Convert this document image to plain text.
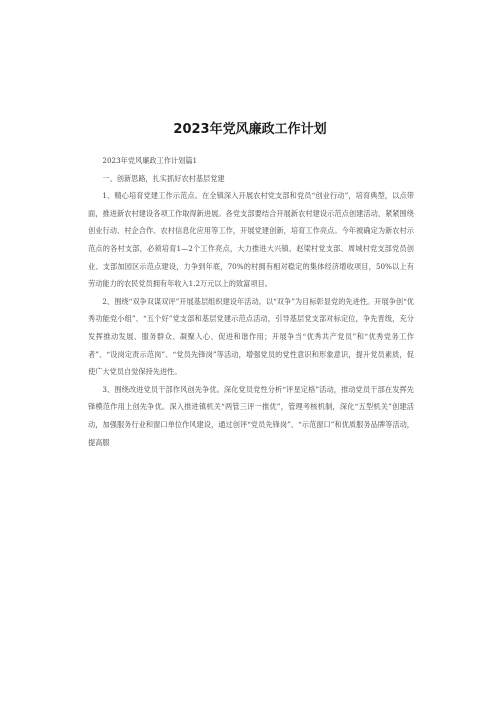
2023年党风廉政工作计划

2023年党风廉政工作计划篇1

一、创新思路，扎实抓好农村基层党建

1、精心培育党建工作示范点。在全镇深入开展农村党支部和党员“创业行动”，培育典型，以点带面，推进新农村建设各项工作取得新进展。各党支部要结合开展新农村建设示范点创建活动，紧紧围绕创业行动、村企合作、农村信息化应用等工作，开展党建创新，培育工作亮点。今年被确定为新农村示范点的各村支部，必须培育1—2个工作亮点，大力推进大兴镇、赵梁村党支部、周城村党支部党员创业、支部加园区示范点建设，力争到年底，70%的村拥有相对稳定的集体经济增收项目，50%以上有劳动能力的农民党员拥有年收入1.2万元以上的致富项目。

2、围绕“双争双谋双评”开展基层组织建设年活动。以“双争”为目标彰显党的先进性。开展争创“优秀功能党小组”、“五个好”党支部和基层党建示范点活动，引导基层党支部对标定位，争先晋级，充分发挥推动发展、服务群众、凝聚人心、促进和谐作用；开展争当“优秀共产党员”和“优秀党务工作者”、“设岗定责示范岗”、“党员先锋岗”等活动，增强党员的党性意识和形象意识，提升党员素质，促使广大党员自觉保持先进性。

3、围绕改进党员干部作风创先争优。深化党员党性分析“评星定格”活动，推动党员干部在发挥先锋模范作用上创先争优。深入推进镇机关“两管三评一推优”，管理考核机制，深化“五型机关”创建活动，加强服务行业和窗口单位作风建设，通过创评“党员先锋岗”、“示范窗口”和优质服务品牌等活动，提高服
